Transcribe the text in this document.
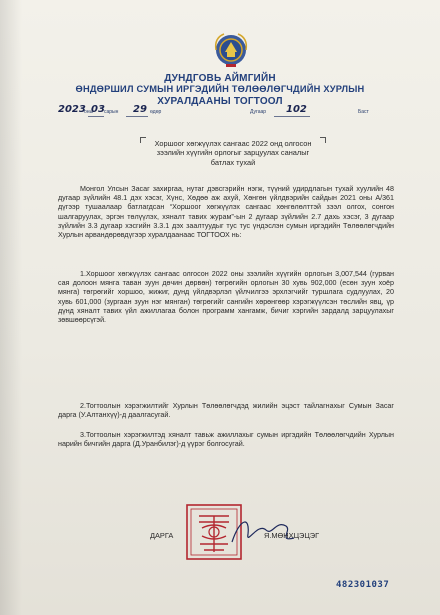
ДУНДГОВЬ АЙМГИЙН
ӨНДӨРШИЛ СУМЫН ИРГЭДИЙН ТӨЛӨӨЛӨГЧДИЙН ХУРЛЫН
ХУРАЛДААНЫ ТОГТООЛ
2023
оны
03 сарын 29 өдөр	Дугаар 102	Баст
Хоршоог хөгжүүлэх сангаас 2022 онд олгосон
зээлийн хүүгийн орлогыг зарцуулах саналыг
батлах тухай
Монгол Улсын Засаг захиргаа, нутаг дэвсгэрийн нэгж, түүний удирдлагын тухай хуулийн 48 дугаар зүйлийн 48.1 дэх хэсэг, Хүнс, Хөдөө аж ахуй, Хөнгөн үйлдвэрийн сайдын 2021 оны А/361 дүгээр тушаалаар батлагдсан “Хоршоог хөгжүүлэх сангаас хөнгөлөлттэй зээл олгох, сонгон шалгаруулах, эргэн төлүүлэх, хяналт тавих журам”-ын 2 дугаар зүйлийн 2.7 дахь хэсэг, 3 дугаар зүйлийн 3.3 дугаар хэсгийн 3.3.1 дэх заалтуудыг тус тус үндэслэн сумын иргэдийн Төлөөлөгчдийн Хурлын арвандөрөвдүгээр хуралдаанаас ТОГТООХ нь:
1.Хоршоог хөгжүүлэх сангаас олгосон 2022 оны зээлийн хүүгийн орлогын 3,007,544 (гурван сая долоон мянга таван зуун дөчин дөрвөн) төгрөгийн орлогын 30 хувь 902,000 (есөн зуун хоёр мянга) төгрөгийг хоршоо, жижиг, дунд үйлдвэрлэл үйлчилгээ эрхлэгчийг туршлага судлуулах, 20 хувь 601,000 (зургаан зуун нэг мянган) төгрөгийг сангийн хөрөнгөөр хэрэгжүүлсэн төслийн явц, үр дүнд хяналт тавих үйл ажиллагаа болон программ хангамж, бичиг хэргийн зардалд зарцуулахыг зөвшөөрсүгэй.
2.Тогтоолын хэрэгжилтийг Хурлын Төлөөлөгчдэд жилийн эцэст тайлагнахыг Сумын Засаг дарга (У.Алтанхүү)-д даалгасугай.
3.Тогтоолын хэрэгжилтэд хяналт тавьж ажиллахыг сумын иргэдийн Төлөөлөгчдийн Хурлын нарийн бичгийн дарга (Д.Уранбилэг)-д үүрэг болгосугай.
ДАРГА	Я.МӨНХЦЭЦЭГ
482301037
